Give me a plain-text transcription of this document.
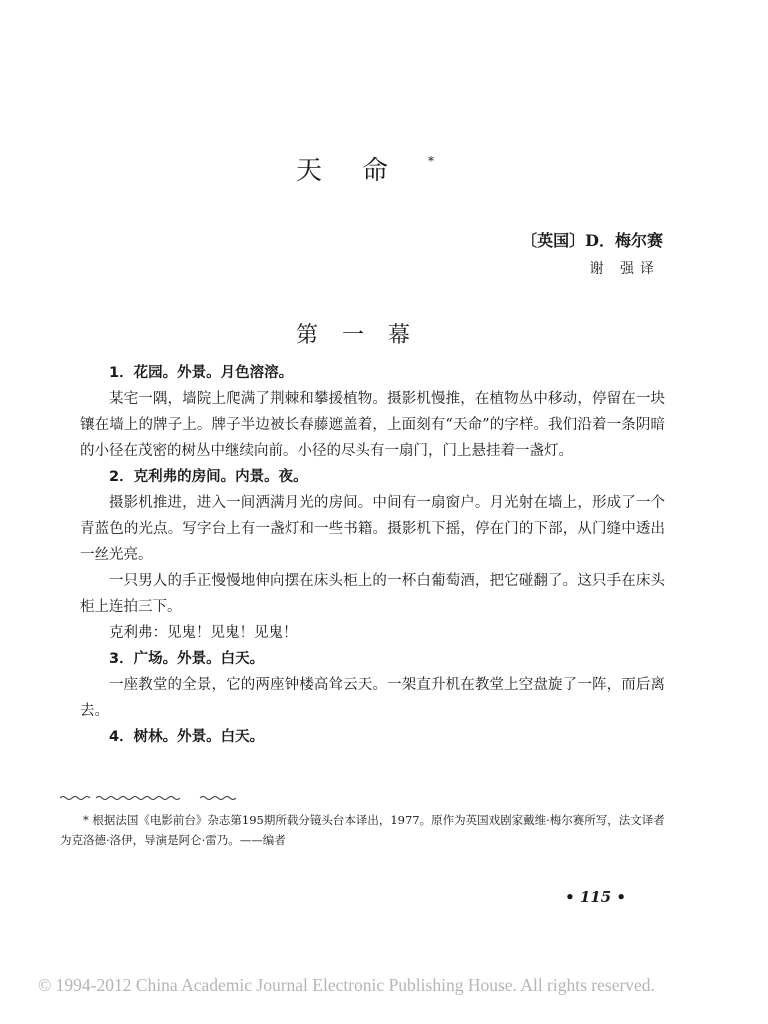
天命*
〔英国〕D．梅尔赛
谢 强译
第一幕

1．花园。外景。月色溶溶。

某宅一隅，墙院上爬满了荆棘和攀援植物。摄影机慢推，在植物丛中移动，停留在一块镶在墙上的牌子上。牌子半边被长春藤遮盖着，上面刻有“天命”的字样。我们沿着一条阴暗的小径在茂密的树丛中继续向前。小径的尽头有一扇门，门上悬挂着一盏灯。

2．克利弗的房间。内景。夜。

摄影机推进，进入一间洒满月光的房间。中间有一扇窗户。月光射在墙上，形成了一个青蓝色的光点。写字台上有一盏灯和一些书籍。摄影机下摇，停在门的下部，从门缝中透出一丝光亮。

一只男人的手正慢慢地伸向摆在床头柜上的一杯白葡萄酒，把它碰翻了。这只手在床头柜上连拍三下。

克利弗：见鬼！见鬼！见鬼！

3．广场。外景。白天。

一座教堂的全景，它的两座钟楼高耸云天。一架直升机在教堂上空盘旋了一阵，而后离去。

4．树林。外景。白天。

* 根据法国《电影前台》杂志第195期所载分镜头台本译出，1977。原作为英国戏剧家戴维·梅尔赛所写，法文译者为克洛德·洛伊，导演是阿仑·雷乃。——编者
• 115 •
© 1994-2012 China Academic Journal Electronic Publishing House. All rights reserved.
